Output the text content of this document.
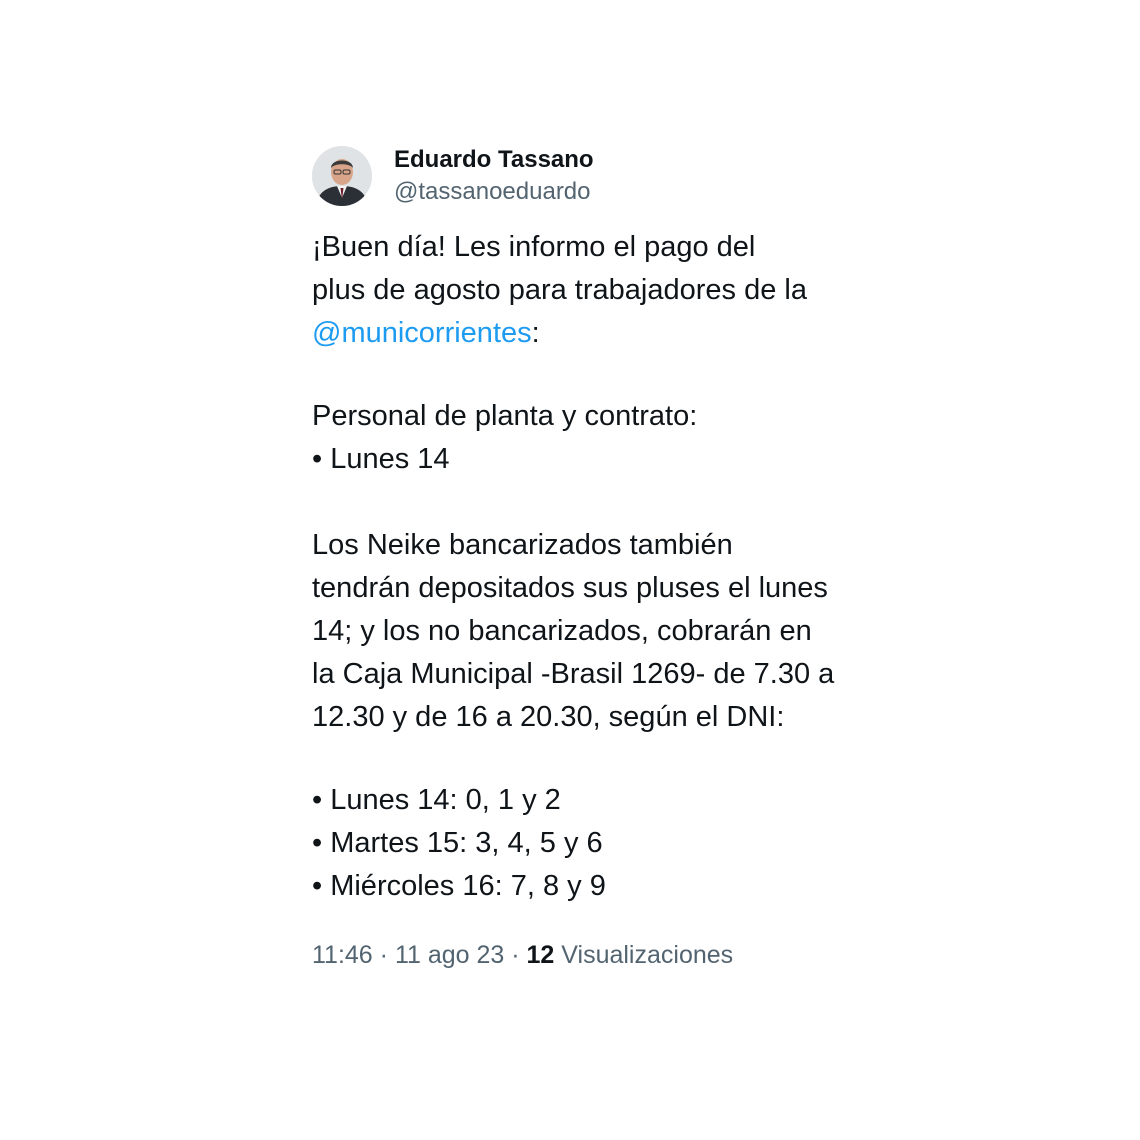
Eduardo Tassano
@tassanoeduardo

¡Buen día! Les informo el pago del

plus de agosto para trabajadores de la

@municorrientes:

Personal de planta y contrato:

• Lunes 14

Los Neike bancarizados también

tendrán depositados sus pluses el lunes

14; y los no bancarizados, cobrarán en

la Caja Municipal -Brasil 1269- de 7.30 a

12.30 y de 16 a 20.30, según el DNI:

• Lunes 14: 0, 1 y 2

• Martes 15: 3, 4, 5 y 6

• Miércoles 16: 7, 8 y 9

11:46 · 11 ago 23 · 12 Visualizaciones
